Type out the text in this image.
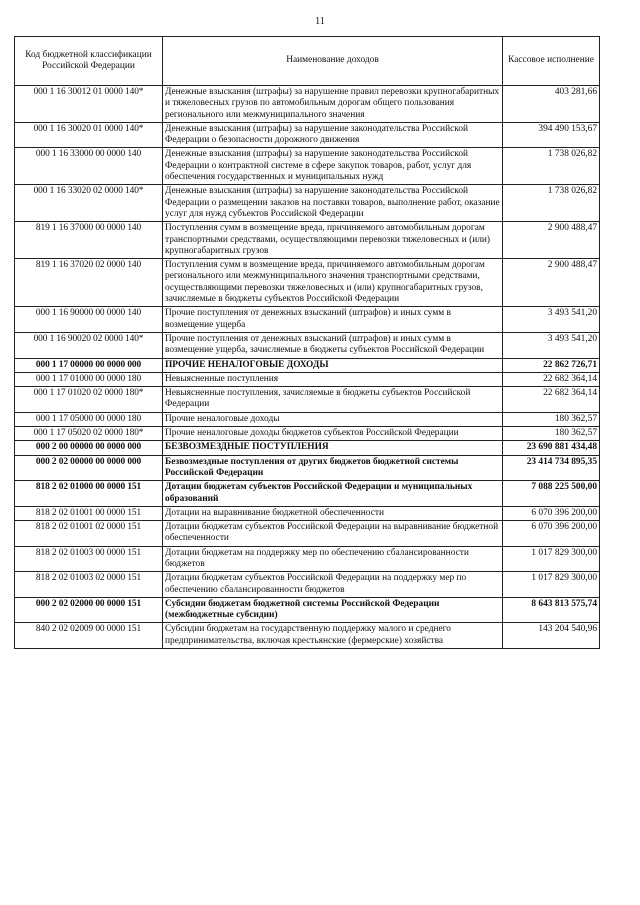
11
Код бюджетной классификации Российской Федерации	Наименование доходов	Кассовое исполнение
000 1 16 30012 01 0000 140*	Денежные взыскания (штрафы) за нарушение правил перевозки крупногабаритных и тяжеловесных грузов по автомобильным дорогам общего пользования регионального или межмуниципального значения	403 281,66
000 1 16 30020 01 0000 140*	Денежные взыскания (штрафы) за нарушение законодательства Российской Федерации о безопасности дорожного движения	394 490 153,67
000 1 16 33000 00 0000 140	Денежные взыскания (штрафы) за нарушение законодательства Российской Федерации о контрактной системе в сфере закупок товаров, работ, услуг для обеспечения государственных и муниципальных нужд	1 738 026,82
000 1 16 33020 02 0000 140*	Денежные взыскания (штрафы) за нарушение законодательства Российской Федерации о размещении заказов на поставки товаров, выполнение работ, оказание услуг для нужд субъектов Российской Федерации	1 738 026,82
819 1 16 37000 00 0000 140	Поступления сумм в возмещение вреда, причиняемого автомобильным дорогам транспортными средствами, осуществляющими перевозки тяжеловесных и (или) крупногабаритных грузов	2 900 488,47
819 1 16 37020 02 0000 140	Поступления сумм в возмещение вреда, причиняемого автомобильным дорогам регионального или межмуниципального значения транспортными средствами, осуществляющими перевозки тяжеловесных и (или) крупногабаритных грузов, зачисляемые в бюджеты субъектов Российской Федерации	2 900 488,47
000 1 16 90000 00 0000 140	Прочие поступления от денежных взысканий (штрафов) и иных сумм в возмещение ущерба	3 493 541,20
000 1 16 90020 02 0000 140*	Прочие поступления от денежных взысканий (штрафов) и иных сумм в возмещение ущерба, зачисляемые в бюджеты субъектов Российской Федерации	3 493 541,20
000 1 17 00000 00 0000 000	ПРОЧИЕ НЕНАЛОГОВЫЕ ДОХОДЫ	22 862 726,71
000 1 17 01000 00 0000 180	Невыясненные поступления	22 682 364,14
000 1 17 01020 02 0000 180*	Невыясненные поступления, зачисляемые в бюджеты субъектов Российской Федерации	22 682 364,14
000 1 17 05000 00 0000 180	Прочие неналоговые доходы	180 362,57
000 1 17 05020 02 0000 180*	Прочие неналоговые доходы бюджетов субъектов Российской Федерации	180 362,57
000 2 00 00000 00 0000 000	БЕЗВОЗМЕЗДНЫЕ ПОСТУПЛЕНИЯ	23 690 881 434,48
000 2 02 00000 00 0000 000	Безвозмездные поступления от других бюджетов бюджетной системы Российской Федерации	23 414 734 895,35
818 2 02 01000 00 0000 151	Дотации бюджетам субъектов Российской Федерации и муниципальных образований	7 088 225 500,00
818 2 02 01001 00 0000 151	Дотации на выравнивание бюджетной обеспеченности	6 070 396 200,00
818 2 02 01001 02 0000 151	Дотации бюджетам субъектов Российской Федерации на выравнивание бюджетной обеспеченности	6 070 396 200,00
818 2 02 01003 00 0000 151	Дотации бюджетам на поддержку мер по обеспечению сбалансированности бюджетов	1 017 829 300,00
818 2 02 01003 02 0000 151	Дотации бюджетам субъектов Российской Федерации на поддержку мер по обеспечению сбалансированности бюджетов	1 017 829 300,00
000 2 02 02000 00 0000 151	Субсидии бюджетам бюджетной системы Российской Федерации (межбюджетные субсидии)	8 643 813 575,74
840 2 02 02009 00 0000 151	Субсидии бюджетам на государственную поддержку малого и среднего предпринимательства, включая крестьянские (фермерские) хозяйства	143 204 540,96
